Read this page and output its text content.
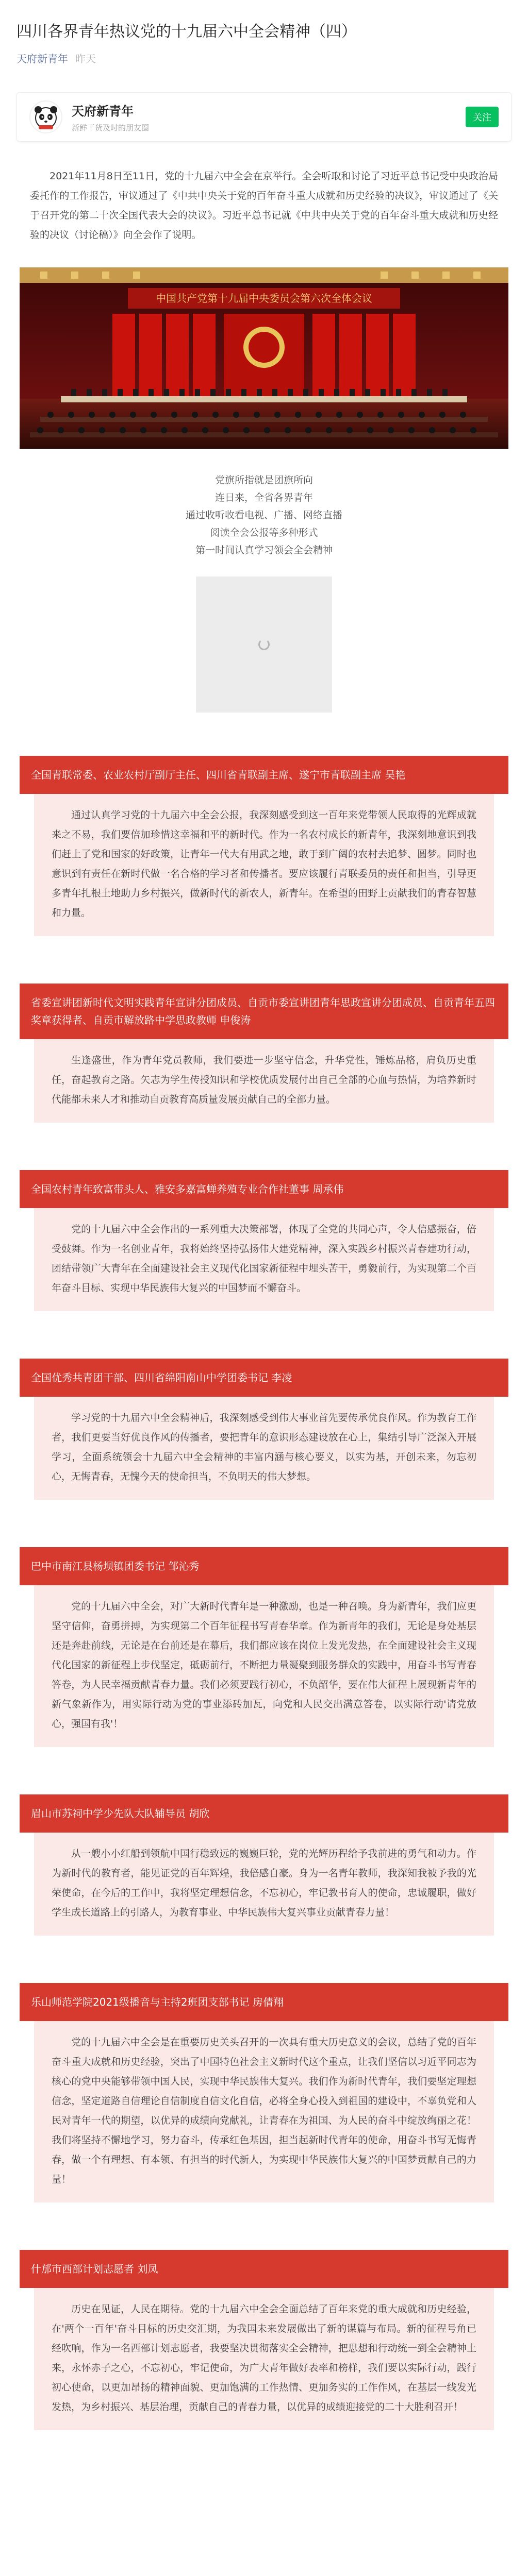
四川各界青年热议党的十九届六中全会精神（四）
天府新青年 昨天
天府新青年
新鲜干货及时的朋友圈
关注

2021年11月8日至11日，党的十九届六中全会在京举行。全会听取和讨论了习近平总书记受中央政治局委托作的工作报告，审议通过了《中共中央关于党的百年奋斗重大成就和历史经验的决议》，审议通过了《关于召开党的第二十次全国代表大会的决议》。习近平总书记就《中共中央关于党的百年奋斗重大成就和历史经验的决议（讨论稿）》向全会作了说明。

中国共产党第十九届中央委员会第六次全体会议
党旗所指就是团旗所向
连日来，全省各界青年
通过收听收看电视、广播、网络直播
阅读全会公报等多种形式
第一时间认真学习领会全会精神
全国青联常委、农业农村厅副厅主任、四川省青联副主席、遂宁市青联副主席 吴艳
通过认真学习党的十九届六中全会公报，我深刻感受到这一百年来党带领人民取得的光辉成就来之不易，我们要倍加珍惜这幸福和平的新时代。作为一名农村成长的新青年，我深刻地意识到我们赶上了党和国家的好政策，让青年一代大有用武之地，敢于到广阔的农村去追梦、圆梦。同时也意识到有责任在新时代做一名合格的学习者和传播者。要应该履行青联委员的责任和担当，引导更多青年扎根土地助力乡村振兴，做新时代的新农人，新青年。在希望的田野上贡献我们的青春智慧和力量。
省委宣讲团新时代文明实践青年宣讲分团成员、自贡市委宣讲团青年思政宣讲分团成员、自贡青年五四奖章获得者、自贡市解放路中学思政教师 申俊涛
生逢盛世，作为青年党员教师，我们要进一步坚守信念，升华党性，锤炼品格，肩负历史重任，奋起教育之路。矢志为学生传授知识和学校优质发展付出自己全部的心血与热情，为培养新时代能都未来人才和推动自贡教育高质量发展贡献自己的全部力量。
全国农村青年致富带头人、雅安多嘉富蝉养殖专业合作社董事 周承伟
党的十九届六中全会作出的一系列重大决策部署，体现了全党的共同心声，令人信感振奋，倍受鼓舞。作为一名创业青年，我将始终坚持弘扬伟大建党精神，深入实践乡村振兴青春建功行动，团结带领广大青年在全面建设社会主义现代化国家新征程中埋头苦干，勇毅前行，为实现第二个百年奋斗目标、实现中华民族伟大复兴的中国梦而不懈奋斗。
全国优秀共青团干部、四川省绵阳南山中学团委书记 李凌
学习党的十九届六中全会精神后，我深刻感受到伟大事业首先要传承优良作风。作为教育工作者，我们更要当好优良作风的传播者，要把青年的意识形态建设放在心上，集结引导广泛深入开展学习，全面系统领会十九届六中全会精神的丰富内涵与核心要义，以实为基，开创未来，勿忘初心，无悔青春，无愧今天的使命担当，不负明天的伟大梦想。
巴中市南江县杨坝镇团委书记 邹沁秀
党的十九届六中全会，对广大新时代青年是一种激励，也是一种召唤。身为新青年，我们应更坚守信仰，奋勇拼搏，为实现第二个百年征程书写青春华章。作为新青年的我们，无论是身处基层还是奔赴前线，无论是在台前还是在幕后，我们都应该在岗位上发光发热，在全面建设社会主义现代化国家的新征程上步伐坚定，砥砺前行，不断把力量凝聚到服务群众的实践中，用奋斗书写青春答卷，为人民幸福贡献青春力量。我们必须要践行初心，不负韶华，要在伟大征程上展现新青年的新气象新作为，用实际行动为党的事业添砖加瓦，向党和人民交出满意答卷，以实际行动'请党放心，强国有我'！
眉山市苏祠中学少先队大队辅导员 胡欣
从一艘小小红船到领航中国行稳致远的巍巍巨轮，党的光辉历程给予我前进的勇气和动力。作为新时代的教育者，能见证党的百年辉煌，我倍感自豪。身为一名青年教师，我深知我被予我的光荣使命，在今后的工作中，我将坚定理想信念，不忘初心，牢记教书育人的使命，忠诚履职，做好学生成长道路上的引路人，为教育事业、中华民族伟大复兴事业贡献青春力量！
乐山师范学院2021级播音与主持2班团支部书记 房倩翔
党的十九届六中全会是在重要历史关头召开的一次具有重大历史意义的会议，总结了党的百年奋斗重大成就和历史经验，突出了中国特色社会主义新时代这个重点，让我们坚信以习近平同志为核心的党中央能够带领中国人民，实现中华民族伟大复兴。我们作为新时代青年，我们要坚定理想信念，坚定道路自信理论自信制度自信文化自信，必将全身心投入到祖国的建设中，不辜负党和人民对青年一代的期望，以优异的成绩向党献礼，让青春在为祖国、为人民的奋斗中绽放绚丽之花！我们将坚持不懈地学习，努力奋斗，传承红色基因，担当起新时代青年的使命，用奋斗书写无悔青春，做一个有理想、有本领、有担当的时代新人，为实现中华民族伟大复兴的中国梦贡献自己的力量！
什邡市西部计划志愿者 刘凤
历史在见证，人民在期待。党的十九届六中全会全面总结了百年来党的重大成就和历史经验，在'两个一百年'奋斗目标的历史交汇期，为我国未来发展做出了新的谋篇与布局。新的征程号角已经吹响，作为一名西部计划志愿者，我要坚决贯彻落实全会精神，把思想和行动统一到全会精神上来，永怀赤子之心，不忘初心，牢记使命，为广大青年做好表率和榜样，我们要以实际行动，践行初心使命，以更加昂扬的精神面貌、更加饱满的工作热情、更加务实的工作作风，在基层一线发光发热，为乡村振兴、基层治理，贡献自己的青春力量，以优异的成绩迎接党的二十大胜利召开！
